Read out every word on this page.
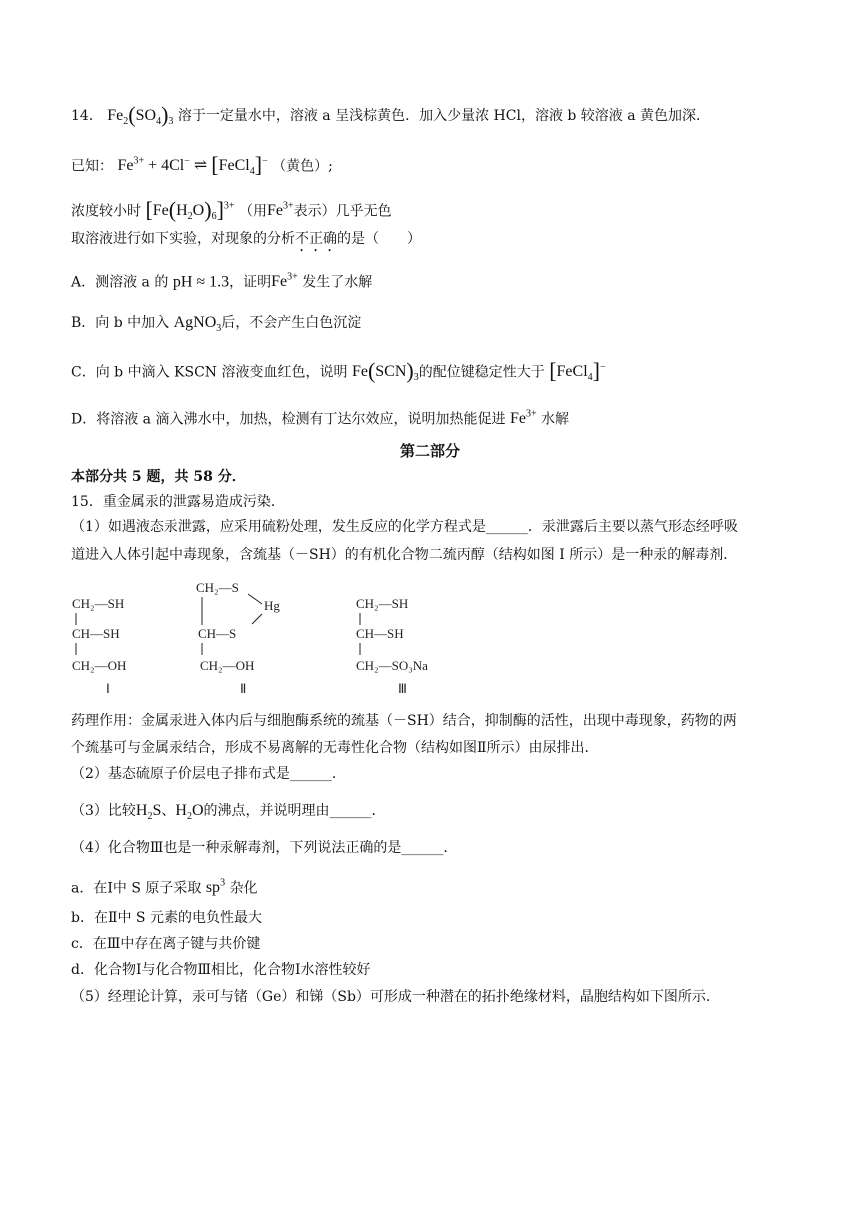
14． $Fe_2(SO_4)_3$ 溶于一定量水中，溶液 a 呈浅棕黄色．加入少量浓 HCl，溶液 b 较溶液 a 黄色加深．
已知： $Fe^{3+} + 4Cl^-$ ⇌ [FeCl$_4$]− （黄色）;
浓度较小时 $[Fe(H_2O)_6]^{3+}$ （用$Fe^{3+}$表示）几乎无色
取溶液进行如下实验，对现象的分析不正确的是（　　）
A．测溶液 a 的 pH ≈ 1.3，证明$Fe^{3+}$ 发生了水解
B．向 b 中加入 AgNO$_3$后，不会产生白色沉淀
C．向 b 中滴入 KSCN 溶液变血红色，说明 $Fe(SCN)_3$的配位键稳定性大于 [FeCl$_4$]−
D．将溶液 a 滴入沸水中，加热，检测有丁达尔效应，说明加热能促进 $Fe^{3+}$ 水解
第二部分
本部分共 5 题，共 58 分．
15．重金属汞的泄露易造成污染．
（1）如遇液态汞泄露，应采用硫粉处理，发生反应的化学方程式是______．汞泄露后主要以蒸气形态经呼吸
道进入人体引起中毒现象，含巯基（－SH）的有机化合物二巯丙醇（结构如图 I 所示）是一种汞的解毒剂．
CH₂—SH
CH—SH
CH₂—OH
Ⅰ
CH₂—S
Hg
CH—S
CH₂—OH
Ⅱ
CH₂—SH
CH—SH
CH₂—SO₃Na
Ⅲ
药理作用：金属汞进入体内后与细胞酶系统的巯基（－SH）结合，抑制酶的活性，出现中毒现象，药物的两
个巯基可与金属汞结合，形成不易离解的无毒性化合物（结构如图Ⅱ所示）由尿排出．
（2）基态硫原子价层电子排布式是______．
（3）比较$H_2S$、$H_2O$的沸点，并说明理由______．
（4）化合物Ⅲ也是一种汞解毒剂，下列说法正确的是______．
a．在Ⅰ中 S 原子采取 $sp^3$ 杂化
b．在Ⅱ中 S 元素的电负性最大
c．在Ⅲ中存在离子键与共价键
d．化合物Ⅰ与化合物Ⅲ相比，化合物Ⅰ水溶性较好
（5）经理论计算，汞可与锗（Ge）和锑（Sb）可形成一种潜在的拓扑绝缘材料，晶胞结构如下图所示．
